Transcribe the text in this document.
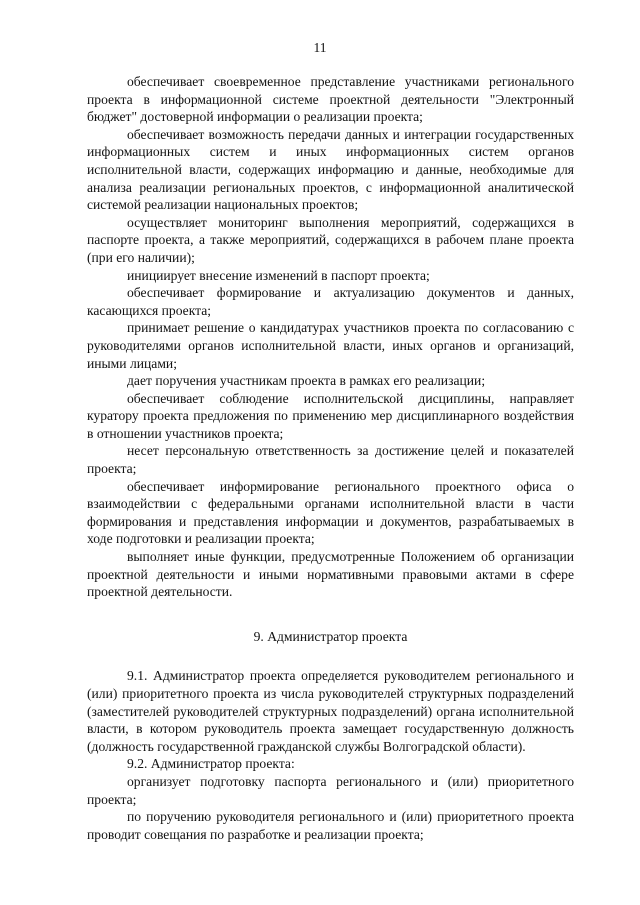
11

обеспечивает своевременное представление участниками регионального проекта в информационной системе проектной деятельности "Электронный бюджет" достоверной информации о реализации проекта;

обеспечивает возможность передачи данных и интеграции государственных информационных систем и иных информационных систем органов исполнительной власти, содержащих информацию и данные, необходимые для анализа реализации региональных проектов, с информационной аналитической системой реализации национальных проектов;

осуществляет мониторинг выполнения мероприятий, содержащихся в паспорте проекта, а также мероприятий, содержащихся в рабочем плане проекта (при его наличии);

инициирует внесение изменений в паспорт проекта;

обеспечивает формирование и актуализацию документов и данных, касающихся проекта;

принимает решение о кандидатурах участников проекта по согласованию с руководителями органов исполнительной власти, иных органов и организаций, иными лицами;

дает поручения участникам проекта в рамках его реализации;

обеспечивает соблюдение исполнительской дисциплины, направляет куратору проекта предложения по применению мер дисциплинарного воздействия в отношении участников проекта;

несет персональную ответственность за достижение целей и показателей проекта;

обеспечивает информирование регионального проектного офиса о взаимодействии с федеральными органами исполнительной власти в части формирования и представления информации и документов, разрабатываемых в ходе подготовки и реализации проекта;

выполняет иные функции, предусмотренные Положением об организации проектной деятельности и иными нормативными правовыми актами в сфере проектной деятельности.

9. Администратор проекта

9.1. Администратор проекта определяется руководителем регионального и (или) приоритетного проекта из числа руководителей структурных подразделений (заместителей руководителей структурных подразделений) органа исполнительной власти, в котором руководитель проекта замещает государственную должность (должность государственной гражданской службы Волгоградской области).

9.2. Администратор проекта:

организует подготовку паспорта регионального и (или) приоритетного проекта;

по поручению руководителя регионального и (или) приоритетного проекта проводит совещания по разработке и реализации проекта;
